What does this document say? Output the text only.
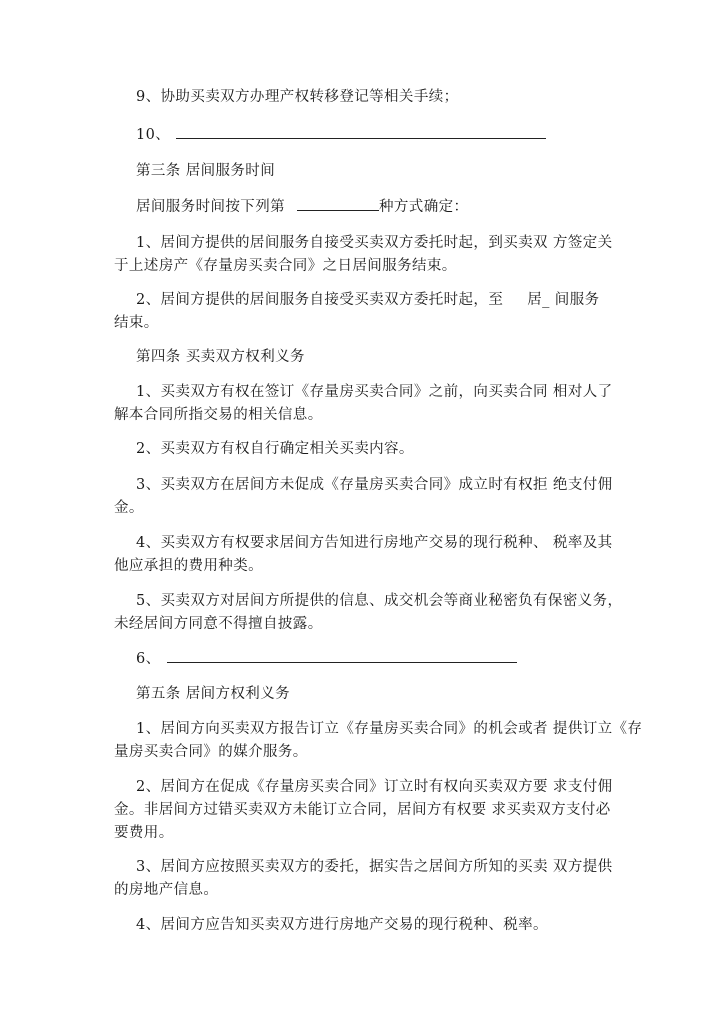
9、协助买卖双方办理产权转移登记等相关手续；
10、
第三条 居间服务时间
居间服务时间按下列第	种方式确定：
1、居间方提供的居间服务自接受买卖双方委托时起，到买卖双 方签定关
于上述房产《存量房买卖合同》之日居间服务结束。
2、居间方提供的居间服务自接受买卖双方委托时起，至 居_ 间服务
结束。
第四条 买卖双方权利义务
1、买卖双方有权在签订《存量房买卖合同》之前，向买卖合同 相对人了
解本合同所指交易的相关信息。
2、买卖双方有权自行确定相关买卖内容。
3、买卖双方在居间方未促成《存量房买卖合同》成立时有权拒 绝支付佣
金。
4、买卖双方有权要求居间方告知进行房地产交易的现行税种、 税率及其
他应承担的费用种类。
5、买卖双方对居间方所提供的信息、成交机会等商业秘密负有保密义务，
未经居间方同意不得擅自披露。
6、
第五条 居间方权利义务
1、居间方向买卖双方报告订立《存量房买卖合同》的机会或者 提供订立《存
量房买卖合同》的媒介服务。
2、居间方在促成《存量房买卖合同》订立时有权向买卖双方要 求支付佣
金。非居间方过错买卖双方未能订立合同，居间方有权要 求买卖双方支付必
要费用。
3、居间方应按照买卖双方的委托，据实告之居间方所知的买卖 双方提供
的房地产信息。
4、居间方应告知买卖双方进行房地产交易的现行税种、税率。
